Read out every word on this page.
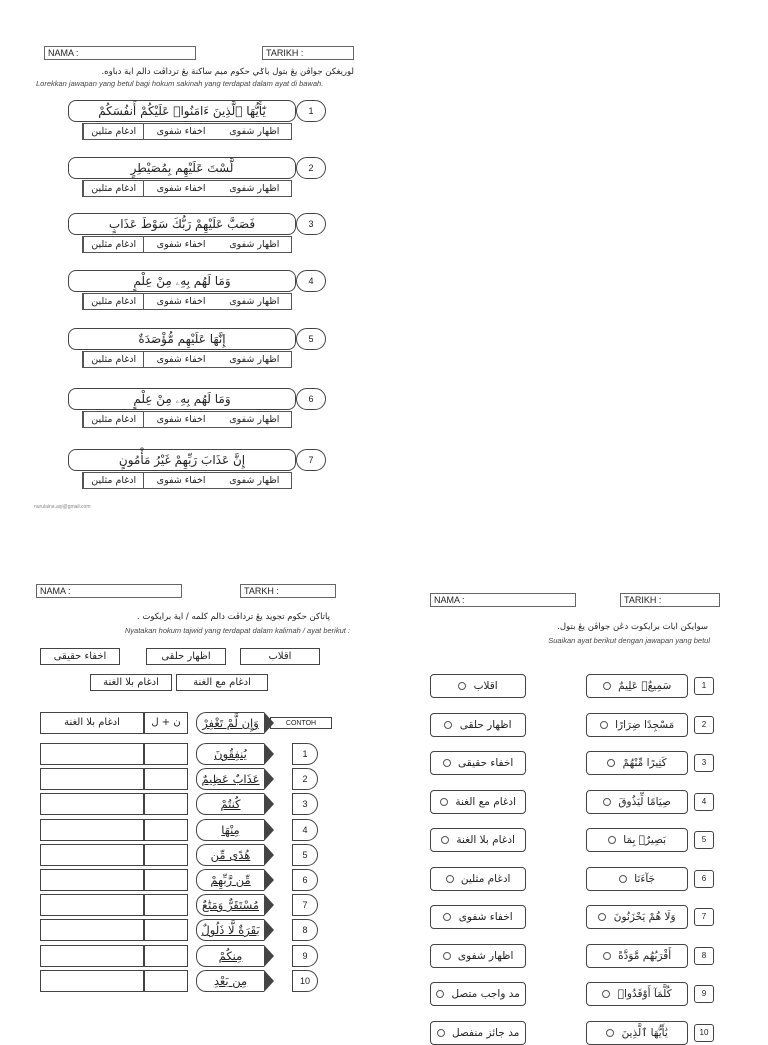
NAMA :	TARIKH :
لوريغكن جواڤن يڠ بتول باݢي حکوم ميم ساكنة يڠ ترداڤت دالم اية دباوه.
Lorekkan jawapan yang betul bagi hokum sakinah yang terdapat dalam ayat di bawah.
يَٰٓأَيُّهَا ٱلَّذِينَ ءَامَنُوا۟ عَلَيْكُمْ أَنفُسَكُمْ	1
ادغام مثلين	اخفاء شفوى	اظهار شفوى
لَّسْتَ عَلَيْهِم بِمُصَيْطِرٍ	2
ادغام مثلين	اخفاء شفوى	اظهار شفوى
فَصَبَّ عَلَيْهِمْ رَبُّكَ سَوْطَ عَذَابٍ	3
ادغام مثلين	اخفاء شفوى	اظهار شفوى
وَمَا لَهُم بِهِۦ مِنْ عِلْمٍ	4
ادغام مثلين	اخفاء شفوى	اظهار شفوى
إِنَّهَا عَلَيْهِم مُّؤْصَدَةٌ	5
ادغام مثلين	اخفاء شفوى	اظهار شفوى
وَمَا لَهُم بِهِۦ مِنْ عِلْمٍ	6
ادغام مثلين	اخفاء شفوى	اظهار شفوى
إِنَّ عَذَابَ رَبِّهِمْ غَيْرُ مَأْمُونٍ	7
ادغام مثلين	اخفاء شفوى	اظهار شفوى
nurulaina.aqi@gmail.com
NAMA :	TARKH :
ڽاتاکن حکوم تجويد يڠ ترداڤت دالم کلمه / اية برايکوت .
Nyatakan hokum tajwid yang terdapat dalam kalimah / ayat berikut :
اقلاب
اظهار حلقى
اخفاء حقيقى
ادغام مع الغنة
ادغام بلا الغنة
ادغام بلا الغنة	ن + ل	وَإِن لَّمْ تَغْفِرْ	CONTOH
يُنفِقُونَ	1
عَذَابٌ عَظِيمٌ	2
كُنتُمْ	3
مِنْهَا	4
هُدًى مِّن	5
مِّن رَّبِّهِمْ	6
مُسْتَقَرٌّ وَمَتَٰعٌ	7
بَقَرَةٌ لَّا ذَلُولٌ	8
مِنكُمْ	9
مِن بَعْدِ	10
NAMA :	TARIKH :
سوايکن ايات برايکوت دڠن جواڤن يڠ بتول.
Suaikan ayat berikut dengan jawapan yang betul
اقلاب	سَمِيعٌۢ عَلِيمٌ	1
اظهار حلقى	مَسْجِدًا ضِرَارًا	2
اخفاء حقيقى	كَثِيرًا مِّنْهُمْ	3
ادغام مع الغنة	صِيَامًا لِّيَذُوقَ	4
ادغام بلا الغنة	بَصِيرٌۢ بِمَا	5
ادغام مثلين	جَآءَنَا	6
اخفاء شفوى	وَلَا هُمْ يَحْزَنُونَ	7
اظهار شفوى	أَقْرَبُهُم مَّوَدَّةً	8
مد واجب متصل	كُلَّمَآ أَوْقَدُوا۟	9
مد جائز منفصل	يَٰأَيُّهَا ٱلَّذِينَ	10
